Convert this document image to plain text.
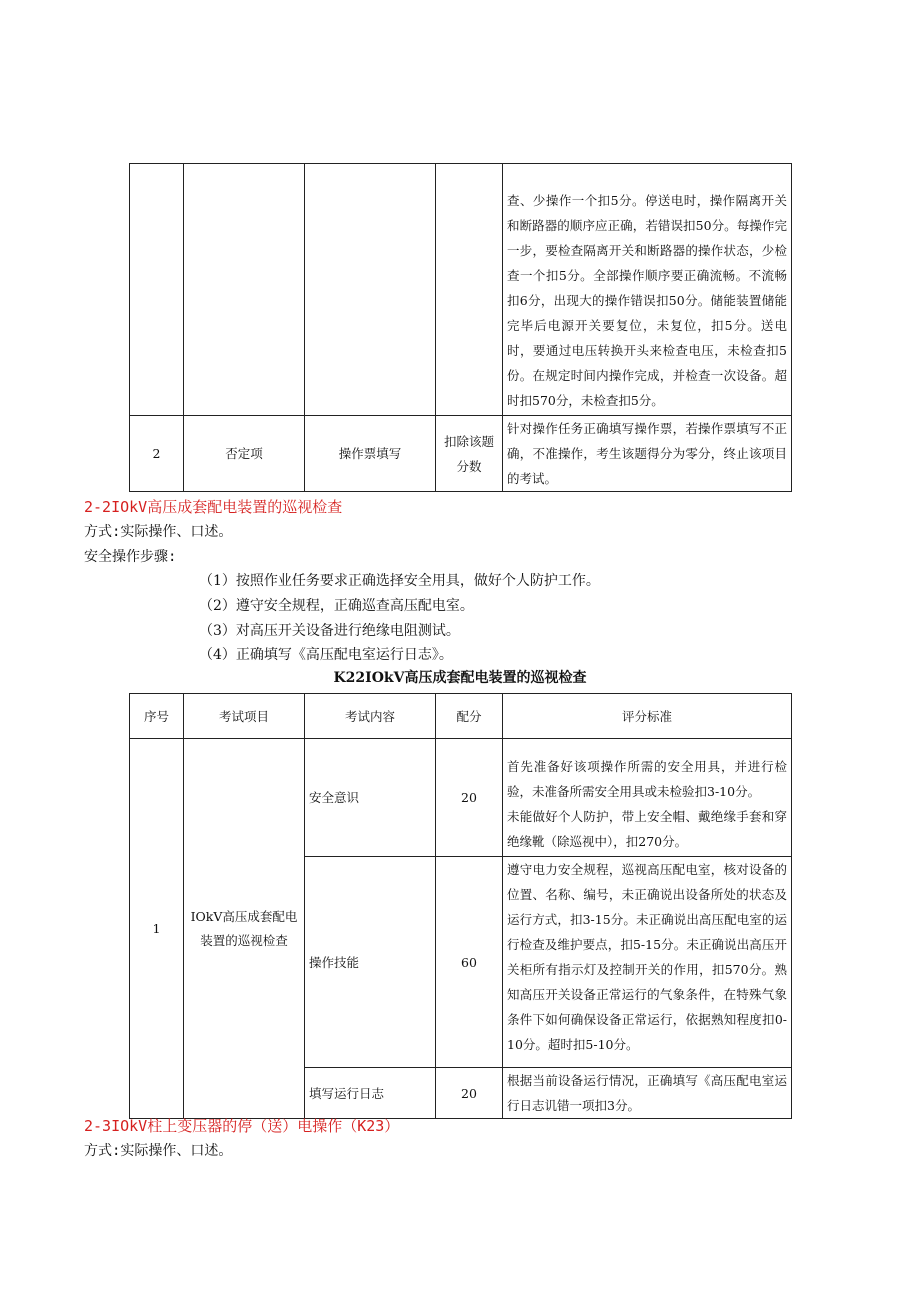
				查、少操作一个扣5分。停送电时，操作隔离开关和断路器的顺序应正确，若错误扣50分。每操作完一步，要检查隔离开关和断路器的操作状态，少检查一个扣5分。全部操作顺序要正确流畅。不流畅扣6分，出现大的操作错误扣50分。储能装置储能完毕后电源开关要复位，未复位，扣5分。送电时，要通过电压转换开头来检查电压，未检查扣5份。在规定时间内操作完成，并检查一次设备。超时扣570分，未检查扣5分。
2	否定项	操作票填写	扣除该题分数	针对操作任务正确填写操作票，若操作票填写不正确，不准操作，考生该题得分为零分，终止该项目的考试。
2-2IOkV高压成套配电装置的巡视检查
方式:实际操作、口述。
安全操作步骤:
（1）按照作业任务要求正确选择安全用具，做好个人防护工作。
（2）遵守安全规程，正确巡查高压配电室。
（3）对高压开关设备进行绝缘电阻测试。
（4）正确填写《高压配电室运行日志》。
K22IOkV高压成套配电装置的巡视检查
序号	考试项目	考试内容	配分	评分标准
1	IOkV高压成套配电装置的巡视检查	安全意识	20	首先准备好该项操作所需的安全用具，并进行检验，未准备所需安全用具或未检验扣3-10分。
未能做好个人防护，带上安全帽、戴绝缘手套和穿绝缘靴（除巡视中），扣270分。

		操作技能	60	遵守电力安全规程，巡视高压配电室，核对设备的位置、名称、编号，未正确说出设备所处的状态及运行方式，扣3-15分。未正确说出高压配电室的运行检查及维护要点，扣5-15分。未正确说出高压开关柜所有指示灯及控制开关的作用，扣570分。熟知高压开关设备正常运行的气象条件，在特殊气象条件下如何确保设备正常运行，依据熟知程度扣0-10分。超时扣5-10分。
		填写运行日志	20	根据当前设备运行情况，正确填写《高压配电室运行日志讥错一项扣3分。
2-3IOkV柱上变压器的停（送）电操作（K23）
方式:实际操作、口述。
